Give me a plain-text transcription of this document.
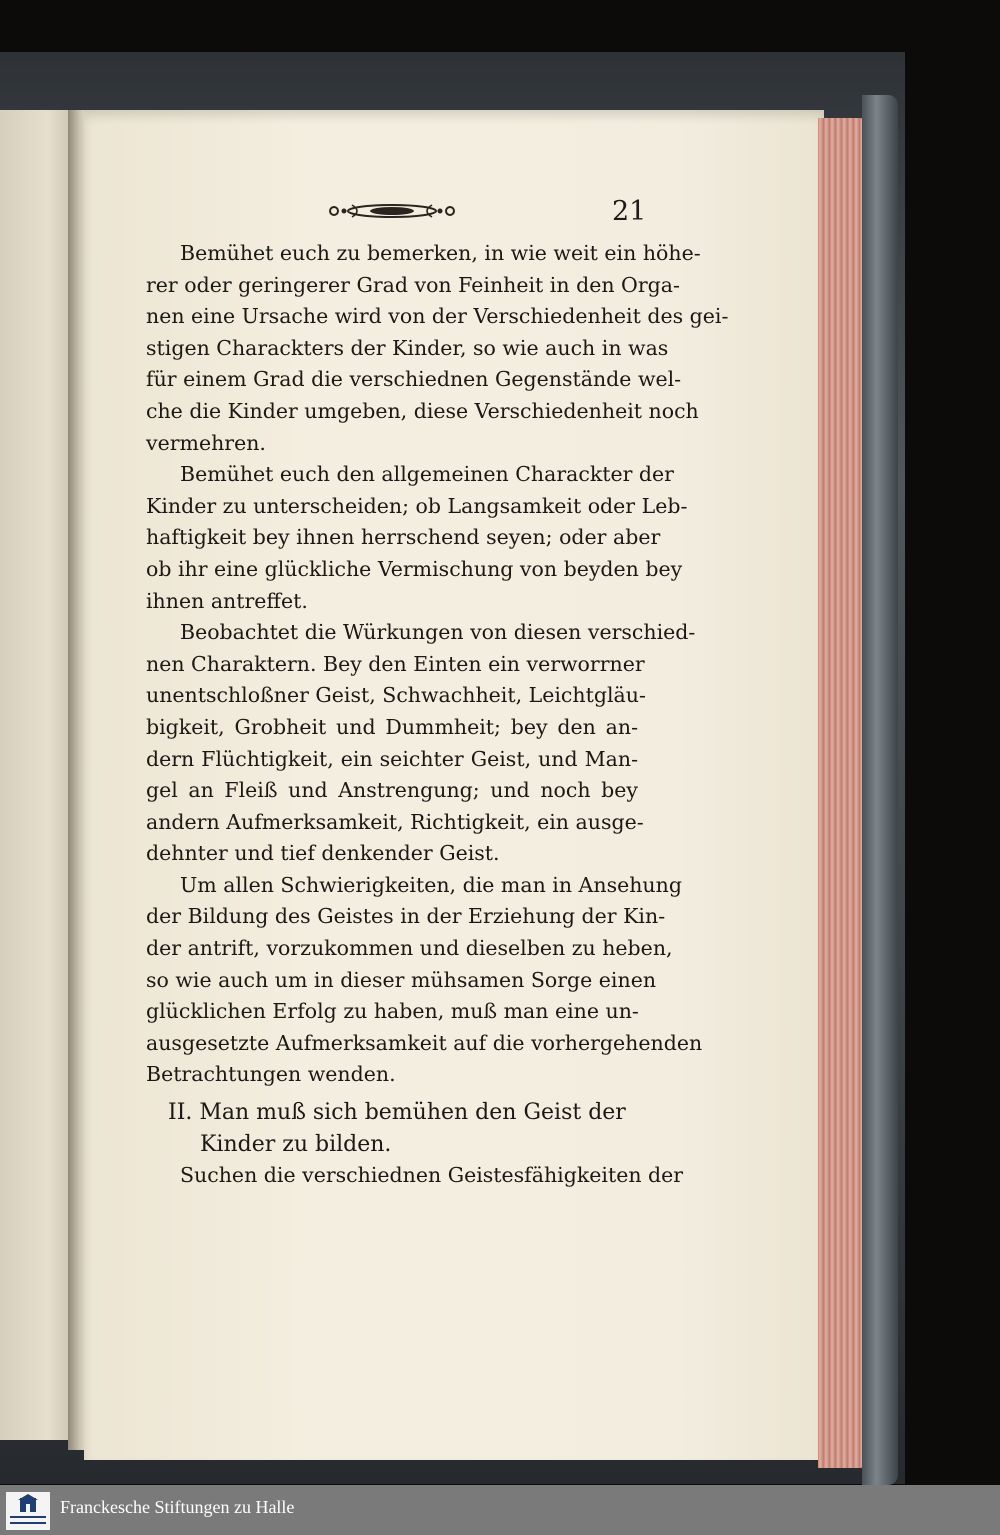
21
Bemühet euch zu bemerken, in wie weit ein höhe-
rer oder geringerer Grad von Feinheit in den Orga-
nen eine Ursache wird von der Verschiedenheit des gei-
stigen Charackters der Kinder, so wie auch in was
für einem Grad die verschiednen Gegenstände wel-
che die Kinder umgeben, diese Verschiedenheit noch
vermehren.
Bemühet euch den allgemeinen Charackter der
Kinder zu unterscheiden; ob Langsamkeit oder Leb-
haftigkeit bey ihnen herrschend seyen; oder aber
ob ihr eine glückliche Vermischung von beyden bey
ihnen antreffet.
Beobachtet die Würkungen von diesen verschied-
nen Charaktern. Bey den Einten ein verworrner
unentschloßner Geist, Schwachheit, Leichtgläu-
bigkeit, Grobheit und Dummheit; bey den an-
dern Flüchtigkeit, ein seichter Geist, und Man-
gel an Fleiß und Anstrengung; und noch bey
andern Aufmerksamkeit, Richtigkeit, ein ausge-
dehnter und tief denkender Geist.
Um allen Schwierigkeiten, die man in Ansehung
der Bildung des Geistes in der Erziehung der Kin-
der antrift, vorzukommen und dieselben zu heben,
so wie auch um in dieser mühsamen Sorge einen
glücklichen Erfolg zu haben, muß man eine un-
ausgesetzte Aufmerksamkeit auf die vorhergehenden
Betrachtungen wenden.
II. Man muß sich bemühen den Geist der
Kinder zu bilden.
Suchen die verschiednen Geistesfähigkeiten der
Franckesche Stiftungen zu Halle
